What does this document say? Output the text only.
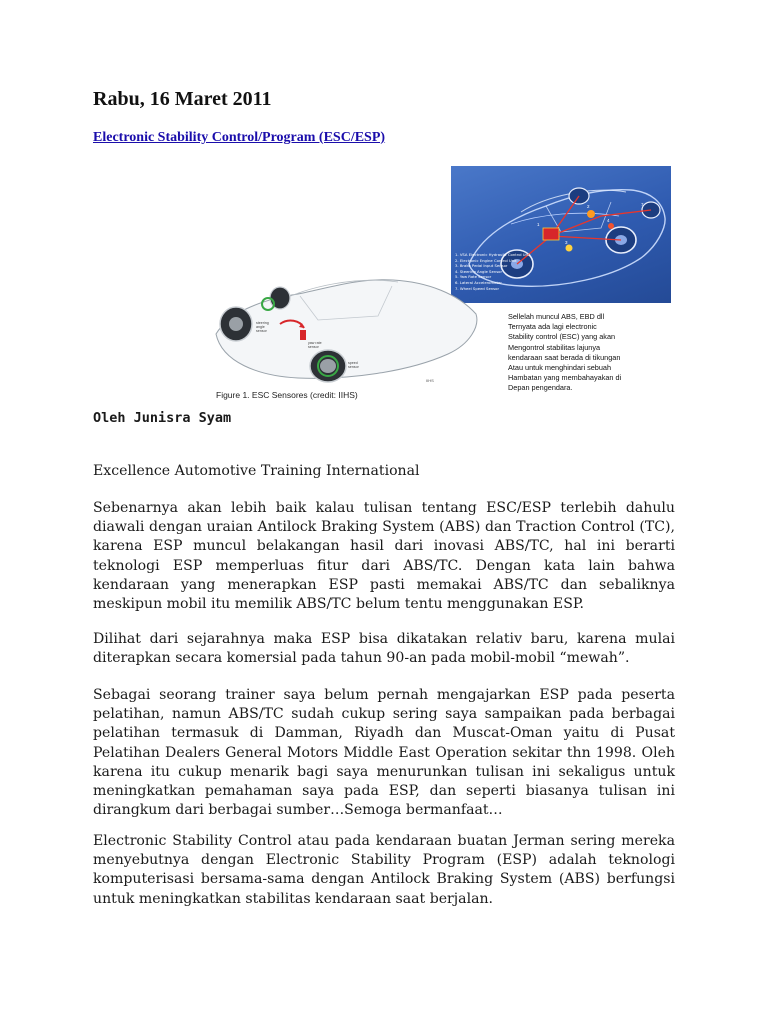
Rabu, 16 Maret 2011
Electronic Stability Control/Program (ESC/ESP)
1
2
3
4
7
1. VSA Electronic Hydraulic Control Unit
2. Electronic Engine Control Unit
3. Brake Pedal Input Sensor
4. Steering Angle Sensor
5. Yaw Rate Sensor
6. Lateral Accelerometer
7. Wheel Speed Sensor
steering
angle
sensor
yaw rate
sensor
speed
sensor
IIHS
Figure 1. ESC Sensores (credit: IIHS)
Sellelah muncul ABS, EBD dll
Ternyata ada lagi electronic
Stability control (ESC) yang akan
Mengontrol stabilitas lajunya
kendaraan saat berada di tikungan
Atau untuk menghindari sebuah
Hambatan yang membahayakan di
Depan pengendara.

Oleh Junisra Syam

Excellence Automotive Training International

Sebenarnya akan lebih baik kalau tulisan tentang ESC/ESP terlebih dahulu diawali dengan uraian Antilock Braking System (ABS) dan Traction Control (TC), karena ESP muncul belakangan hasil dari inovasi ABS/TC, hal ini berarti teknologi ESP memperluas fitur dari ABS/TC. Dengan kata lain bahwa kendaraan yang menerapkan ESP pasti memakai ABS/TC dan sebaliknya meskipun mobil itu memilik ABS/TC belum tentu menggunakan ESP.

Dilihat dari sejarahnya maka ESP bisa dikatakan relativ baru, karena mulai diterapkan secara komersial pada tahun 90-an pada mobil-mobil “mewah”.

Sebagai seorang trainer saya belum pernah mengajarkan ESP pada peserta pelatihan, namun ABS/TC sudah cukup sering saya sampaikan pada berbagai pelatihan termasuk di Damman, Riyadh dan Muscat-Oman yaitu di Pusat Pelatihan Dealers General Motors Middle East Operation sekitar thn 1998. Oleh karena itu cukup menarik bagi saya menurunkan tulisan ini sekaligus untuk meningkatkan pemahaman saya pada ESP, dan seperti biasanya tulisan ini dirangkum dari berbagai sumber…Semoga bermanfaat…

Electronic Stability Control atau pada kendaraan buatan Jerman sering mereka menyebutnya dengan Electronic Stability Program (ESP) adalah teknologi komputerisasi bersama-sama dengan Antilock Braking System (ABS) berfungsi untuk meningkatkan stabilitas kendaraan saat berjalan.
